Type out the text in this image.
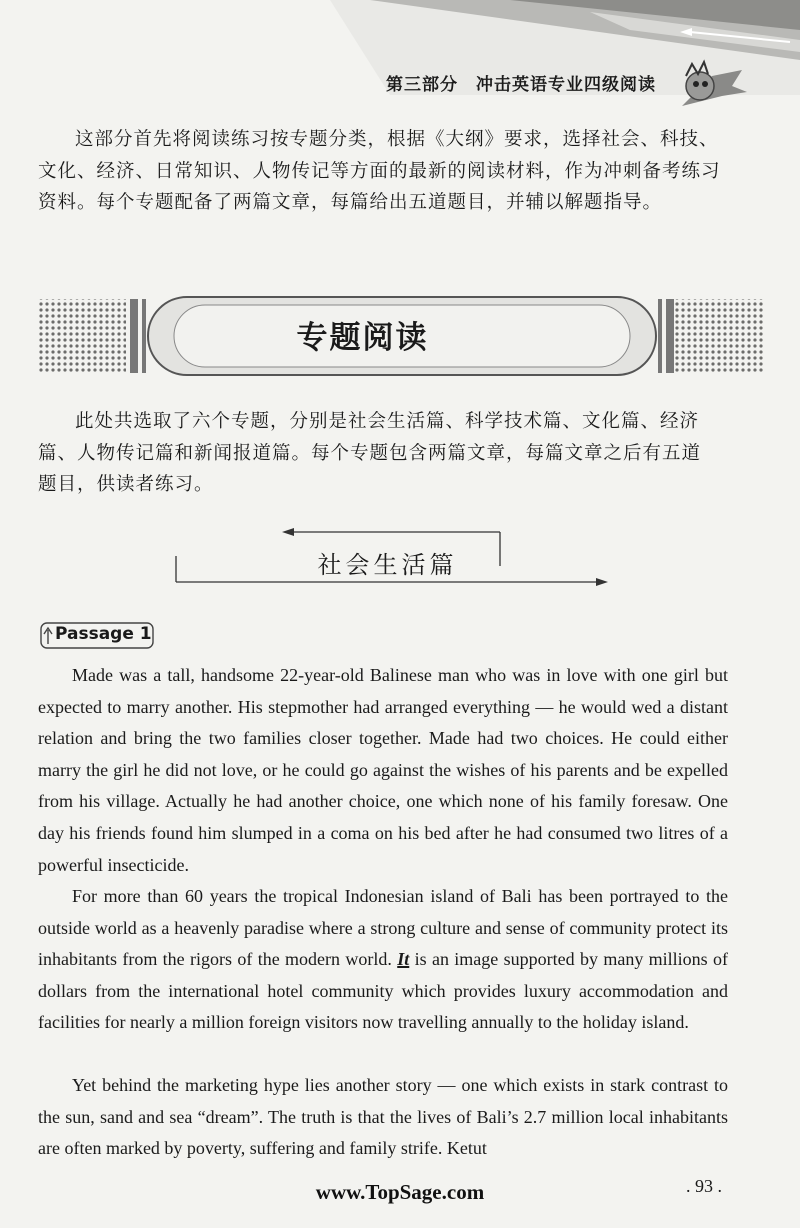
第三部分　冲击英语专业四级阅读

这部分首先将阅读练习按专题分类，根据《大纲》要求，选择社会、科技、
文化、经济、日常知识、人物传记等方面的最新的阅读材料，作为冲刺备考练习
资料。每个专题配备了两篇文章，每篇给出五道题目，并辅以解题指导。

专题阅读

此处共选取了六个专题，分别是社会生活篇、科学技术篇、文化篇、经济
篇、人物传记篇和新闻报道篇。每个专题包含两篇文章，每篇文章之后有五道
题目，供读者练习。

社会生活篇
Passage 1

Made was a tall, handsome 22-year-old Balinese man who was in love with one girl but expected to marry another. His stepmother had arranged everything — he would wed a distant relation and bring the two families closer together. Made had two choices. He could either marry the girl he did not love, or he could go against the wishes of his parents and be expelled from his village. Actually he had another choice, one which none of his family foresaw. One day his friends found him slumped in a coma on his bed after he had consumed two litres of a powerful insecticide.

For more than 60 years the tropical Indonesian island of Bali has been portrayed to the outside world as a heavenly paradise where a strong culture and sense of community protect its inhabitants from the rigors of the modern world. It is an image supported by many millions of dollars from the international hotel community which provides luxury accommodation and facilities for nearly a million foreign visitors now travelling annually to the holiday island.

Yet behind the marketing hype lies another story — one which exists in stark contrast to the sun, sand and sea “dream”. The truth is that the lives of Bali’s 2.7 million local inhabitants are often marked by poverty, suffering and family strife. Ketut

www.TopSage.com	. 93 .
